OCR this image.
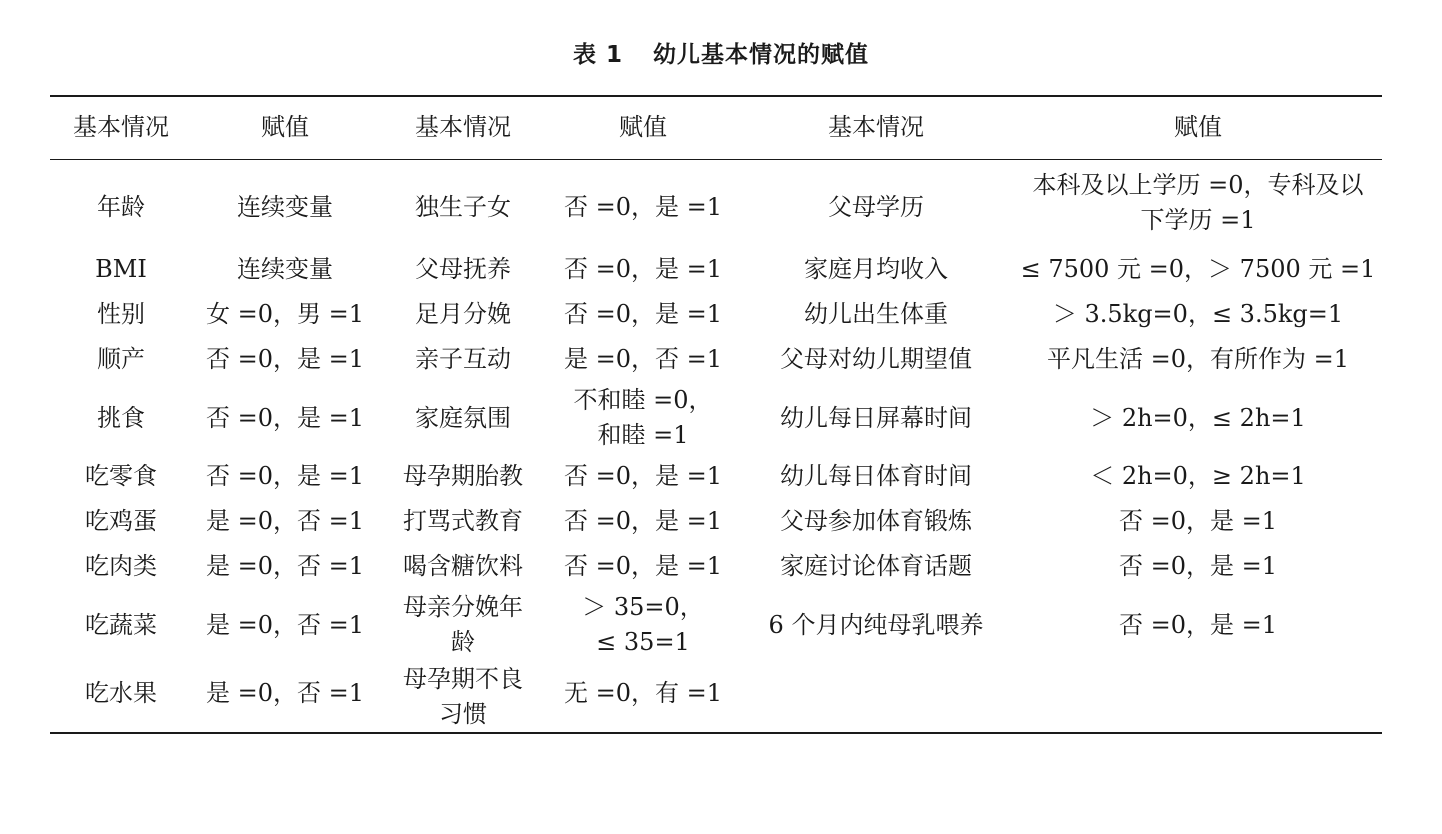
表 1 幼儿基本情况的赋值
基本情况	赋值	基本情况	赋值	基本情况	赋值
年龄	连续变量	独生子女	否 =0，是 =1	父母学历	本科及以上学历 =0，专科及以下学历 =1
BMI	连续变量	父母抚养	否 =0，是 =1	家庭月均收入	≤ 7500 元 =0，＞ 7500 元 =1
性别	女 =0，男 =1	足月分娩	否 =0，是 =1	幼儿出生体重	＞ 3.5kg=0，≤ 3.5kg=1
顺产	否 =0，是 =1	亲子互动	是 =0，否 =1	父母对幼儿期望值	平凡生活 =0，有所作为 =1
挑食	否 =0，是 =1	家庭氛围	不和睦 =0，和睦 =1	幼儿每日屏幕时间	＞ 2h=0，≤ 2h=1
吃零食	否 =0，是 =1	母孕期胎教	否 =0，是 =1	幼儿每日体育时间	＜ 2h=0，≥ 2h=1
吃鸡蛋	是 =0，否 =1	打骂式教育	否 =0，是 =1	父母参加体育锻炼	否 =0，是 =1
吃肉类	是 =0，否 =1	喝含糖饮料	否 =0，是 =1	家庭讨论体育话题	否 =0，是 =1
吃蔬菜	是 =0，否 =1	母亲分娩年龄	＞ 35=0，≤ 35=1	6 个月内纯母乳喂养	否 =0，是 =1
吃水果	是 =0，否 =1	母孕期不良习惯	无 =0，有 =1		
